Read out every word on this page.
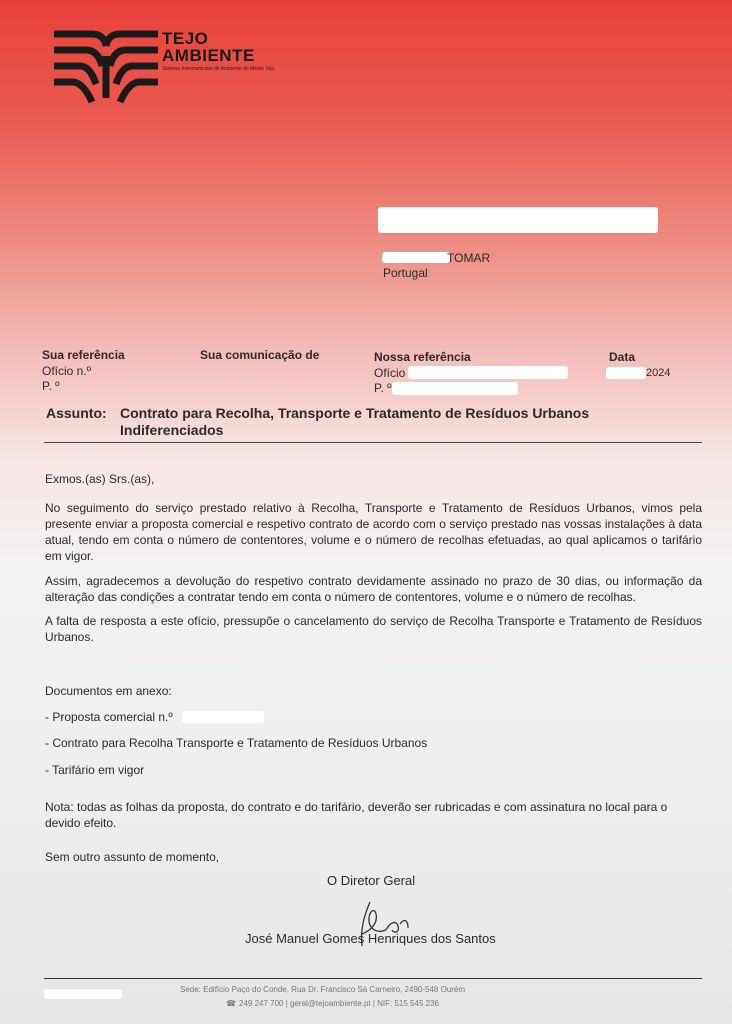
TEJO
AMBIENTE
Sistema Intermunicipal de Ambiente do Médio Tejo
TOMAR
Portugal
Sua referência
Ofício n.º
P. º
Sua comunicação de	Nossa referência
Ofício
P. º
Data
2024
Assunto: Contrato para Recolha, Transporte e Tratamento de Resíduos Urbanos Indiferenciados
Exmos.(as) Srs.(as),
No seguimento do serviço prestado relativo à Recolha, Transporte e Tratamento de Resíduos Urbanos, vimos pela presente enviar a proposta comercial e respetivo contrato de acordo com o serviço prestado nas vossas instalações à data atual, tendo em conta o número de contentores, volume e o número de recolhas efetuadas, ao qual aplicamos o tarifário em vigor.
Assim, agradecemos a devolução do respetivo contrato devidamente assinado no prazo de 30 dias, ou informação da alteração das condições a contratar tendo em conta o número de contentores, volume e o número de recolhas.
A falta de resposta a este ofício, pressupõe o cancelamento do serviço de Recolha Transporte e Tratamento de Resíduos Urbanos.
Documentos em anexo:
- Proposta comercial n.º
- Contrato para Recolha Transporte e Tratamento de Resíduos Urbanos
- Tarifário em vigor
Nota: todas as folhas da proposta, do contrato e do tarifário, deverão ser rubricadas e com assinatura no local para o devido efeito.
Sem outro assunto de momento,
O Diretor Geral
José Manuel Gomes Henriques dos Santos
Sede: Edifício Paço do Conde, Rua Dr. Francisco Sá Carneiro, 2490-548 Ourém
☎ 249 247 700 | geral@tejoambiente.pt | NIF: 515 545 236
